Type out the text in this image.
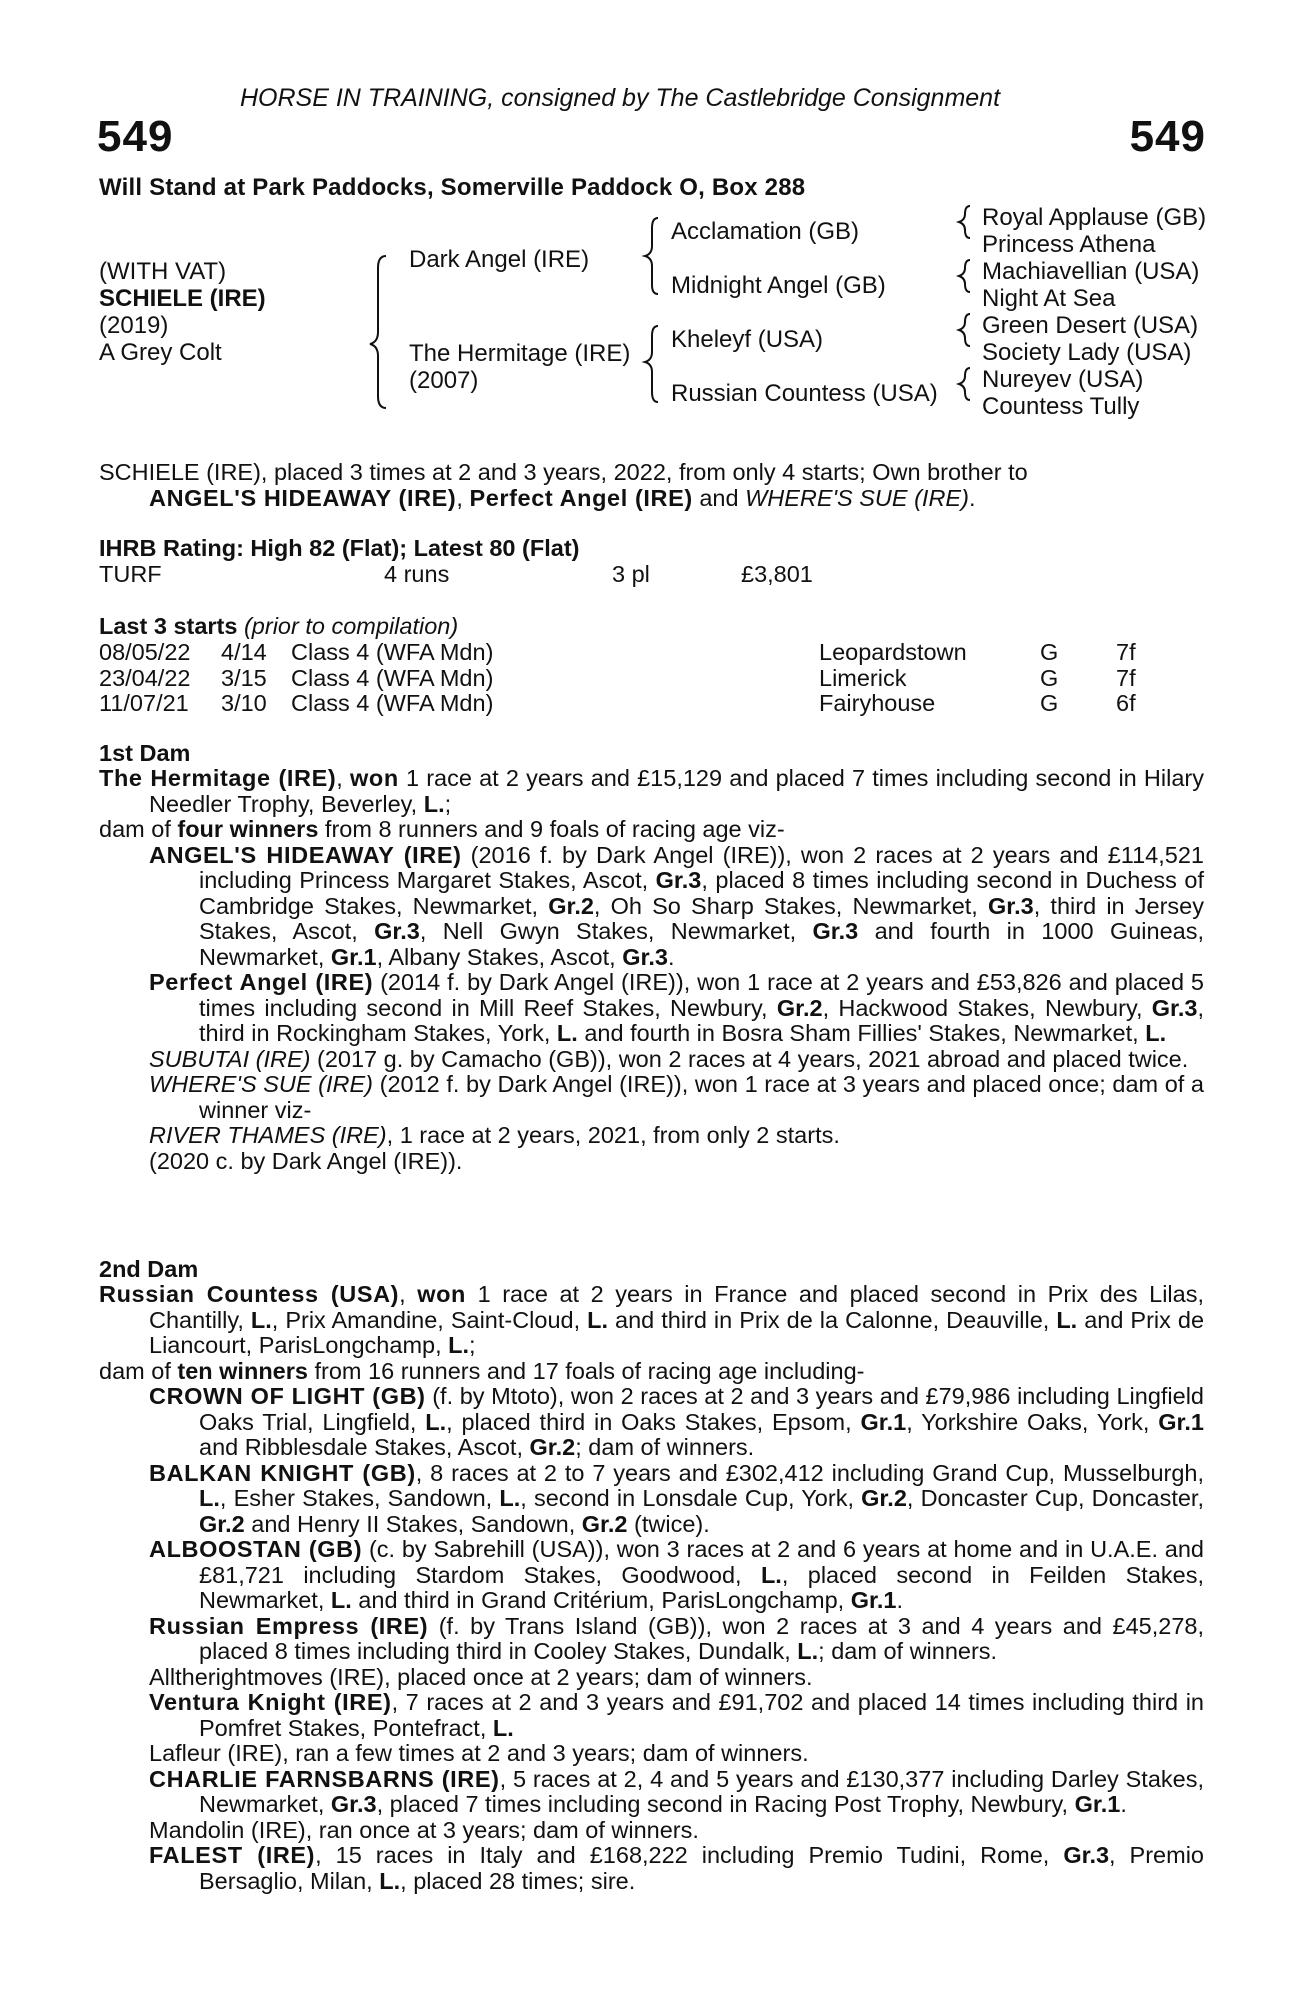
HORSE IN TRAINING, consigned by The Castlebridge Consignment
549	549
Will Stand at Park Paddocks, Somerville Paddock O, Box 288
(WITH VAT)
SCHIELE (IRE)
(2019)
A Grey Colt
Dark Angel (IRE)
The Hermitage (IRE)
(2007)
Acclamation (GB)
Midnight Angel (GB)
Kheleyf (USA)
Russian Countess (USA)
Royal Applause (GB)
Princess Athena
Machiavellian (USA)
Night At Sea
Green Desert (USA)
Society Lady (USA)
Nureyev (USA)
Countess Tully
SCHIELE (IRE), placed 3 times at 2 and 3 years, 2022, from only 4 starts; Own brother to
ANGEL'S HIDEAWAY (IRE), Perfect Angel (IRE) and WHERE'S SUE (IRE).
IHRB Rating: High 82 (Flat); Latest 80 (Flat)
TURF	4 runs	3 pl	£3,801
Last 3 starts (prior to compilation)
08/05/22 4/14 Class 4 (WFA Mdn)	Leopardstown	G 7f
23/04/22 3/15 Class 4 (WFA Mdn)	Limerick	G 7f
11/07/21 3/10 Class 4 (WFA Mdn)	Fairyhouse	G 6f
1st Dam
The Hermitage (IRE), won 1 race at 2 years and £15,129 and placed 7 times including second in Hilary Needler Trophy, Beverley, L.;
dam of four winners from 8 runners and 9 foals of racing age viz-
ANGEL'S HIDEAWAY (IRE) (2016 f. by Dark Angel (IRE)), won 2 races at 2 years and £114,521 including Princess Margaret Stakes, Ascot, Gr.3, placed 8 times including second in Duchess of Cambridge Stakes, Newmarket, Gr.2, Oh So Sharp Stakes, Newmarket, Gr.3, third in Jersey Stakes, Ascot, Gr.3, Nell Gwyn Stakes, Newmarket, Gr.3 and fourth in 1000 Guineas, Newmarket, Gr.1, Albany Stakes, Ascot, Gr.3.
Perfect Angel (IRE) (2014 f. by Dark Angel (IRE)), won 1 race at 2 years and £53,826 and placed 5 times including second in Mill Reef Stakes, Newbury, Gr.2, Hackwood Stakes, Newbury, Gr.3, third in Rockingham Stakes, York, L. and fourth in Bosra Sham Fillies' Stakes, Newmarket, L.
SUBUTAI (IRE) (2017 g. by Camacho (GB)), won 2 races at 4 years, 2021 abroad and placed twice.
WHERE'S SUE (IRE) (2012 f. by Dark Angel (IRE)), won 1 race at 3 years and placed once; dam of a winner viz-
RIVER THAMES (IRE), 1 race at 2 years, 2021, from only 2 starts.
(2020 c. by Dark Angel (IRE)).
2nd Dam
Russian Countess (USA), won 1 race at 2 years in France and placed second in Prix des Lilas, Chantilly, L., Prix Amandine, Saint-Cloud, L. and third in Prix de la Calonne, Deauville, L. and Prix de Liancourt, ParisLongchamp, L.;
dam of ten winners from 16 runners and 17 foals of racing age including-
CROWN OF LIGHT (GB) (f. by Mtoto), won 2 races at 2 and 3 years and £79,986 including Lingfield Oaks Trial, Lingfield, L., placed third in Oaks Stakes, Epsom, Gr.1, Yorkshire Oaks, York, Gr.1 and Ribblesdale Stakes, Ascot, Gr.2; dam of winners.
BALKAN KNIGHT (GB), 8 races at 2 to 7 years and £302,412 including Grand Cup, Musselburgh, L., Esher Stakes, Sandown, L., second in Lonsdale Cup, York, Gr.2, Doncaster Cup, Doncaster, Gr.2 and Henry II Stakes, Sandown, Gr.2 (twice).
ALBOOSTAN (GB) (c. by Sabrehill (USA)), won 3 races at 2 and 6 years at home and in U.A.E. and £81,721 including Stardom Stakes, Goodwood, L., placed second in Feilden Stakes, Newmarket, L. and third in Grand Critérium, ParisLongchamp, Gr.1.
Russian Empress (IRE) (f. by Trans Island (GB)), won 2 races at 3 and 4 years and £45,278, placed 8 times including third in Cooley Stakes, Dundalk, L.; dam of winners.
Alltherightmoves (IRE), placed once at 2 years; dam of winners.
Ventura Knight (IRE), 7 races at 2 and 3 years and £91,702 and placed 14 times including third in Pomfret Stakes, Pontefract, L.
Lafleur (IRE), ran a few times at 2 and 3 years; dam of winners.
CHARLIE FARNSBARNS (IRE), 5 races at 2, 4 and 5 years and £130,377 including Darley Stakes, Newmarket, Gr.3, placed 7 times including second in Racing Post Trophy, Newbury, Gr.1.
Mandolin (IRE), ran once at 3 years; dam of winners.
FALEST (IRE), 15 races in Italy and £168,222 including Premio Tudini, Rome, Gr.3, Premio Bersaglio, Milan, L., placed 28 times; sire.
